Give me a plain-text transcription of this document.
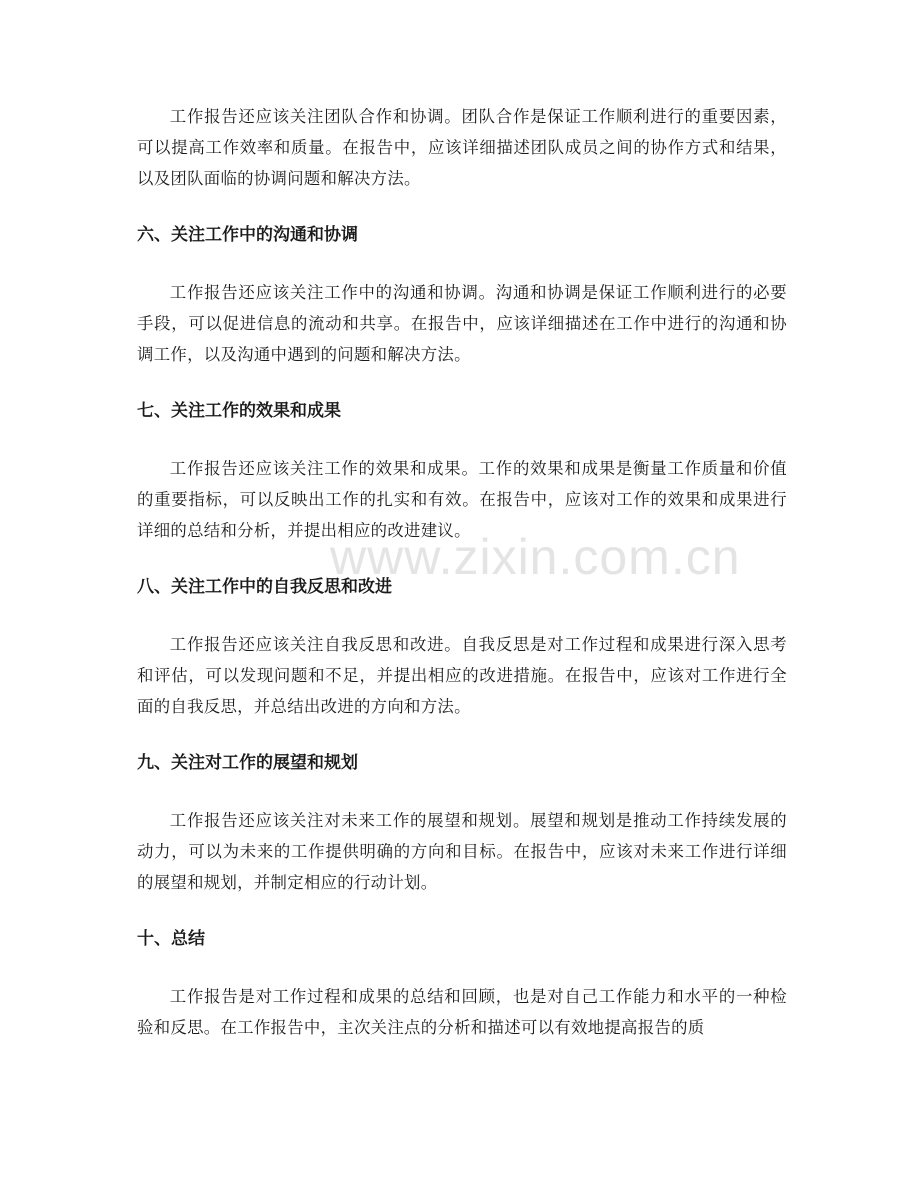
工作报告还应该关注团队合作和协调。团队合作是保证工作顺利进行的重要因素，可以提高工作效率和质量。在报告中，应该详细描述团队成员之间的协作方式和结果，以及团队面临的协调问题和解决方法。

六、关注工作中的沟通和协调

工作报告还应该关注工作中的沟通和协调。沟通和协调是保证工作顺利进行的必要手段，可以促进信息的流动和共享。在报告中，应该详细描述在工作中进行的沟通和协调工作，以及沟通中遇到的问题和解决方法。

七、关注工作的效果和成果

工作报告还应该关注工作的效果和成果。工作的效果和成果是衡量工作质量和价值的重要指标，可以反映出工作的扎实和有效。在报告中，应该对工作的效果和成果进行详细的总结和分析，并提出相应的改进建议。

八、关注工作中的自我反思和改进

工作报告还应该关注自我反思和改进。自我反思是对工作过程和成果进行深入思考和评估，可以发现问题和不足，并提出相应的改进措施。在报告中，应该对工作进行全面的自我反思，并总结出改进的方向和方法。

九、关注对工作的展望和规划

工作报告还应该关注对未来工作的展望和规划。展望和规划是推动工作持续发展的动力，可以为未来的工作提供明确的方向和目标。在报告中，应该对未来工作进行详细的展望和规划，并制定相应的行动计划。

十、总结

工作报告是对工作过程和成果的总结和回顾，也是对自己工作能力和水平的一种检验和反思。在工作报告中，主次关注点的分析和描述可以有效地提高报告的质

www.zixin.com.cn
